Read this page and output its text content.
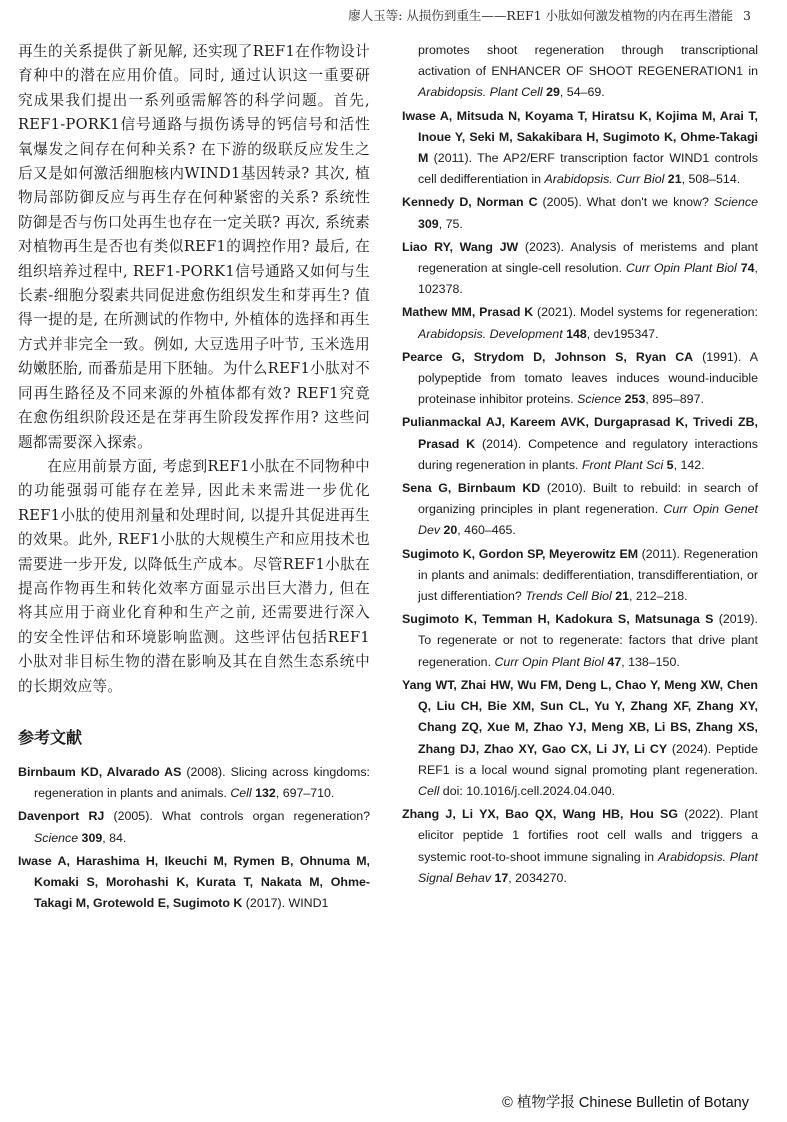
廖人玉等: 从损伤到重生——REF1 小肽如何激发植物的内在再生潜能 3

再生的关系提供了新见解, 还实现了REF1在作物设计育种中的潜在应用价值。同时, 通过认识这一重要研究成果我们提出一系列亟需解答的科学问题。首先, REF1-PORK1信号通路与损伤诱导的钙信号和活性氧爆发之间存在何种关系? 在下游的级联反应发生之后又是如何激活细胞核内WIND1基因转录? 其次, 植物局部防御反应与再生存在何种紧密的关系? 系统性防御是否与伤口处再生也存在一定关联? 再次, 系统素对植物再生是否也有类似REF1的调控作用? 最后, 在组织培养过程中, REF1-PORK1信号通路又如何与生长素-细胞分裂素共同促进愈伤组织发生和芽再生? 值得一提的是, 在所测试的作物中, 外植体的选择和再生方式并非完全一致。例如, 大豆选用子叶节, 玉米选用幼嫩胚胎, 而番茄是用下胚轴。为什么REF1小肽对不同再生路径及不同来源的外植体都有效? REF1究竟在愈伤组织阶段还是在芽再生阶段发挥作用? 这些问题都需要深入探索。

在应用前景方面, 考虑到REF1小肽在不同物种中的功能强弱可能存在差异, 因此未来需进一步优化REF1小肽的使用剂量和处理时间, 以提升其促进再生的效果。此外, REF1小肽的大规模生产和应用技术也需要进一步开发, 以降低生产成本。尽管REF1小肽在提高作物再生和转化效率方面显示出巨大潜力, 但在将其应用于商业化育种和生产之前, 还需要进行深入的安全性评估和环境影响监测。这些评估包括REF1小肽对非目标生物的潜在影响及其在自然生态系统中的长期效应等。

参考文献
Birnbaum KD, Alvarado AS (2008). Slicing across kingdoms: regeneration in plants and animals. Cell 132, 697–710.
Davenport RJ (2005). What controls organ regeneration? Science 309, 84.
Iwase A, Harashima H, Ikeuchi M, Rymen B, Ohnuma M, Komaki S, Morohashi K, Kurata T, Nakata M, Ohme-Takagi M, Grotewold E, Sugimoto K (2017). WIND1
promotes shoot regeneration through transcriptional activation of ENHANCER OF SHOOT REGENERATION1 in Arabidopsis. Plant Cell 29, 54–69.
Iwase A, Mitsuda N, Koyama T, Hiratsu K, Kojima M, Arai T, Inoue Y, Seki M, Sakakibara H, Sugimoto K, Ohme-Takagi M (2011). The AP2/ERF transcription factor WIND1 controls cell dedifferentiation in Arabidopsis. Curr Biol 21, 508–514.
Kennedy D, Norman C (2005). What don't we know? Science 309, 75.
Liao RY, Wang JW (2023). Analysis of meristems and plant regeneration at single-cell resolution. Curr Opin Plant Biol 74, 102378.
Mathew MM, Prasad K (2021). Model systems for regeneration: Arabidopsis. Development 148, dev195347.
Pearce G, Strydom D, Johnson S, Ryan CA (1991). A polypeptide from tomato leaves induces wound-inducible proteinase inhibitor proteins. Science 253, 895–897.
Pulianmackal AJ, Kareem AVK, Durgaprasad K, Trivedi ZB, Prasad K (2014). Competence and regulatory interactions during regeneration in plants. Front Plant Sci 5, 142.
Sena G, Birnbaum KD (2010). Built to rebuild: in search of organizing principles in plant regeneration. Curr Opin Genet Dev 20, 460–465.
Sugimoto K, Gordon SP, Meyerowitz EM (2011). Regeneration in plants and animals: dedifferentiation, transdifferentiation, or just differentiation? Trends Cell Biol 21, 212–218.
Sugimoto K, Temman H, Kadokura S, Matsunaga S (2019). To regenerate or not to regenerate: factors that drive plant regeneration. Curr Opin Plant Biol 47, 138–150.
Yang WT, Zhai HW, Wu FM, Deng L, Chao Y, Meng XW, Chen Q, Liu CH, Bie XM, Sun CL, Yu Y, Zhang XF, Zhang XY, Chang ZQ, Xue M, Zhao YJ, Meng XB, Li BS, Zhang XS, Zhang DJ, Zhao XY, Gao CX, Li JY, Li CY (2024). Peptide REF1 is a local wound signal promoting plant regeneration. Cell doi: 10.1016/j.cell.2024.04.040.
Zhang J, Li YX, Bao QX, Wang HB, Hou SG (2022). Plant elicitor peptide 1 fortifies root cell walls and triggers a systemic root-to-shoot immune signaling in Arabidopsis. Plant Signal Behav 17, 2034270.
© 植物学报 Chinese Bulletin of Botany
